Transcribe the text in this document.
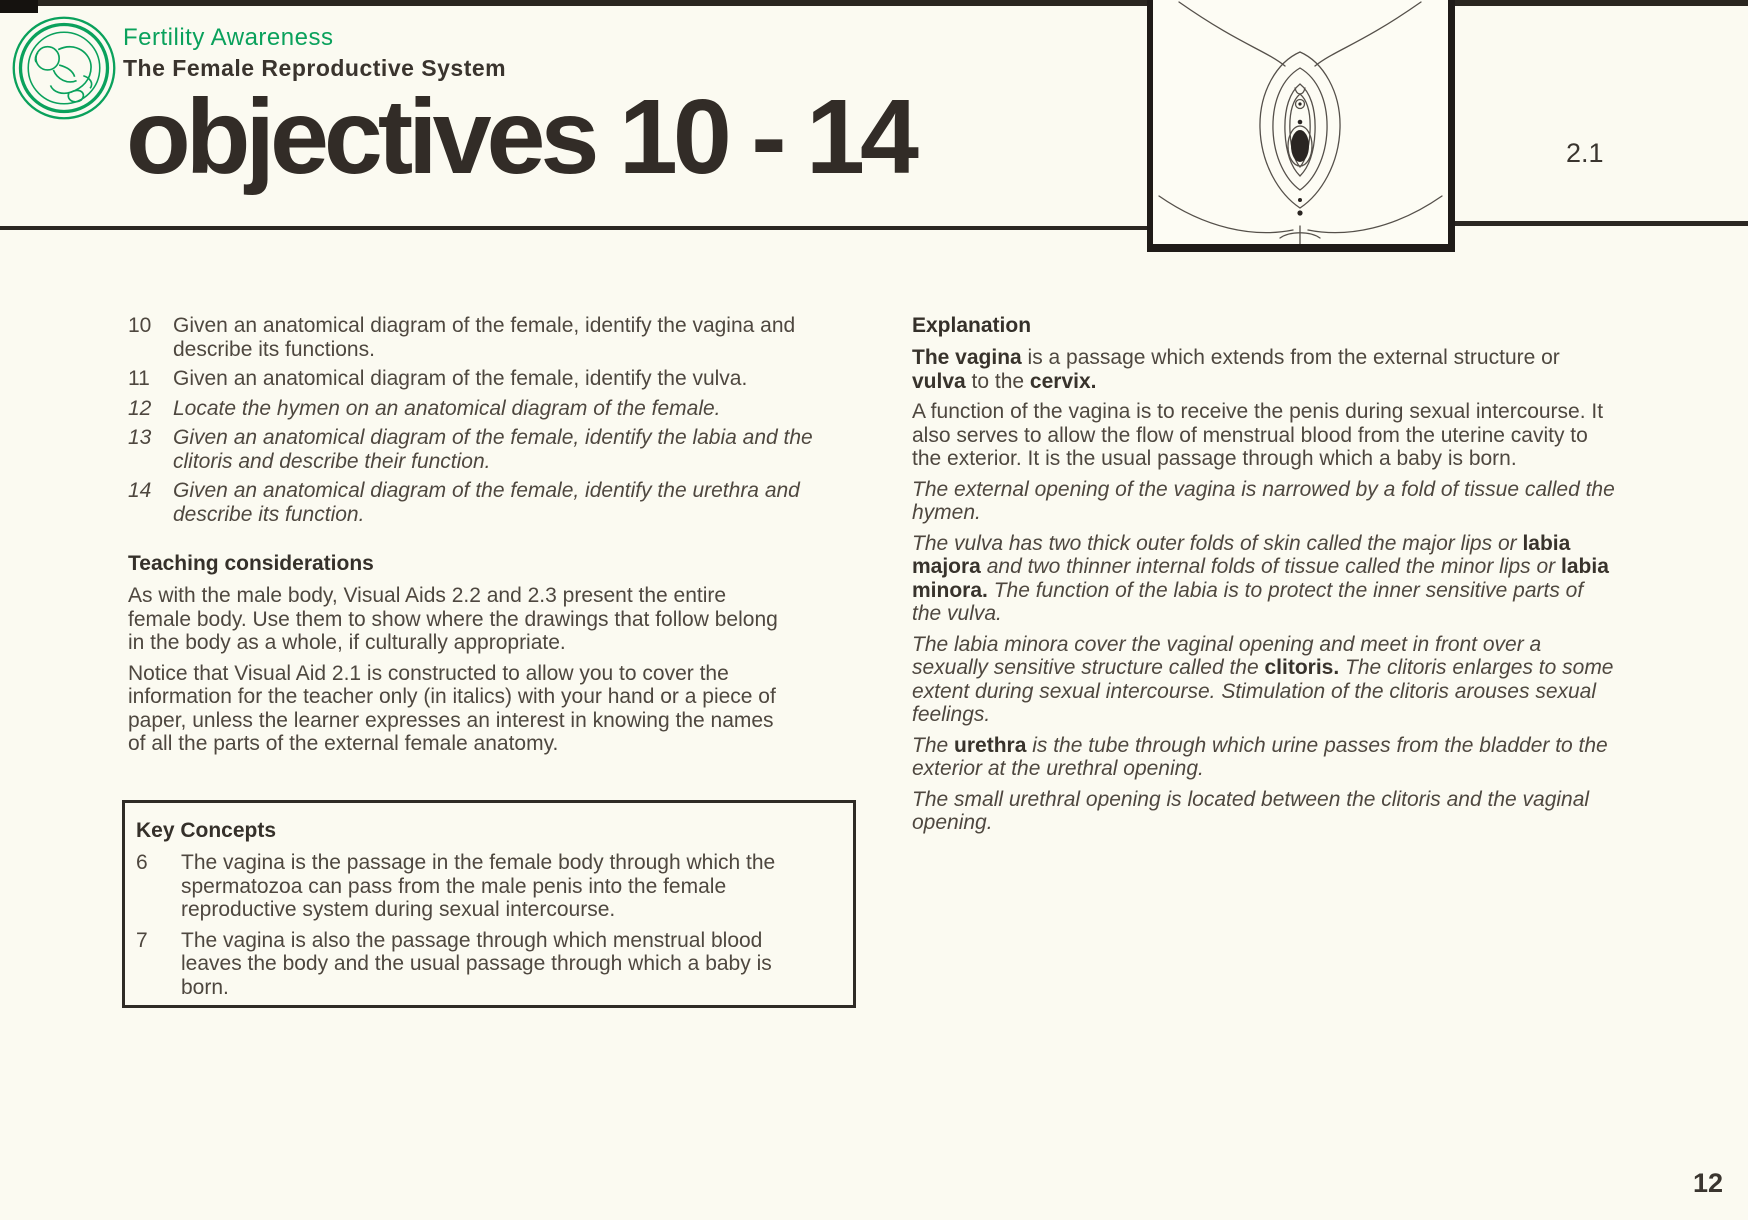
Fertility Awareness
The Female Reproductive System
objectives 10 - 14	2.1
10	Given an anatomical diagram of the female, identify the vagina and describe its functions.
11	Given an anatomical diagram of the female, identify the vulva.
12	Locate the hymen on an anatomical diagram of the female.
13	Given an anatomical diagram of the female, identify the labia and the clitoris and describe their function.
14	Given an anatomical diagram of the female, identify the urethra and describe its function.
Teaching considerations

As with the male body, Visual Aids 2.2 and 2.3 present the entire female body. Use them to show where the drawings that follow belong in the body as a whole, if culturally appropriate.

Notice that Visual Aid 2.1 is constructed to allow you to cover the information for the teacher only (in italics) with your hand or a piece of paper, unless the learner expresses an interest in knowing the names of all the parts of the external female anatomy.

Key Concepts
6	The vagina is the passage in the female body through which the spermatozoa can pass from the male penis into the female reproductive system during sexual intercourse.
7	The vagina is also the passage through which menstrual blood leaves the body and the usual passage through which a baby is born.
Explanation

The vagina is a passage which extends from the external structure or vulva to the cervix.

A function of the vagina is to receive the penis during sexual intercourse. It also serves to allow the flow of menstrual blood from the uterine cavity to the exterior. It is the usual passage through which a baby is born.

The external opening of the vagina is narrowed by a fold of tissue called the hymen.

The vulva has two thick outer folds of skin called the major lips or labia majora and two thinner internal folds of tissue called the minor lips or labia minora. The function of the labia is to protect the inner sensitive parts of the vulva.

The labia minora cover the vaginal opening and meet in front over a sexually sensitive structure called the clitoris. The clitoris enlarges to some extent during sexual intercourse. Stimulation of the clitoris arouses sexual feelings.

The urethra is the tube through which urine passes from the bladder to the exterior at the urethral opening.

The small urethral opening is located between the clitoris and the vaginal opening.

12
